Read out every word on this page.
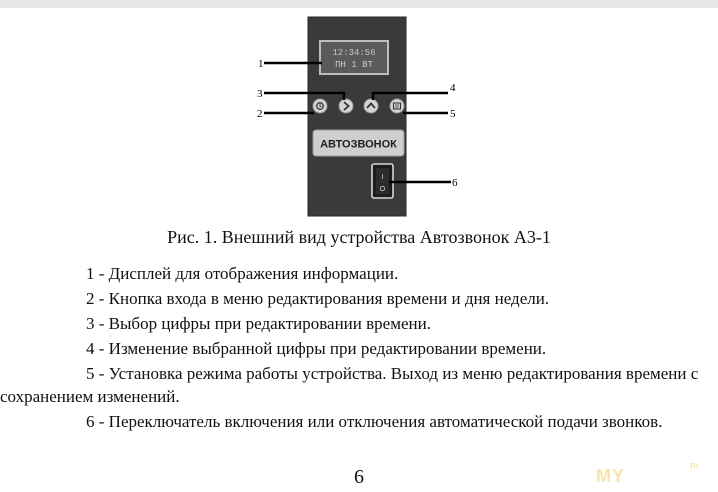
12:34:56
ПН 1 ВТ
АВТОЗВОНОК
I
O
1
2
3	4
5
6
Рис. 1. Внешний вид устройства Автозвонок А3-1

1 - Дисплей для отображения информации.

2 - Кнопка входа в меню редактирования времени и дня недели.

3 - Выбор цифры при редактировании времени.

4 - Изменение выбранной цифры при редактировании времени.

5 - Установка режима работы устройства. Выход из меню редактирования времени с сохранением изменений.

6 - Переключатель включения или отключения автоматической подачи звонков.

6	MY
.ru
